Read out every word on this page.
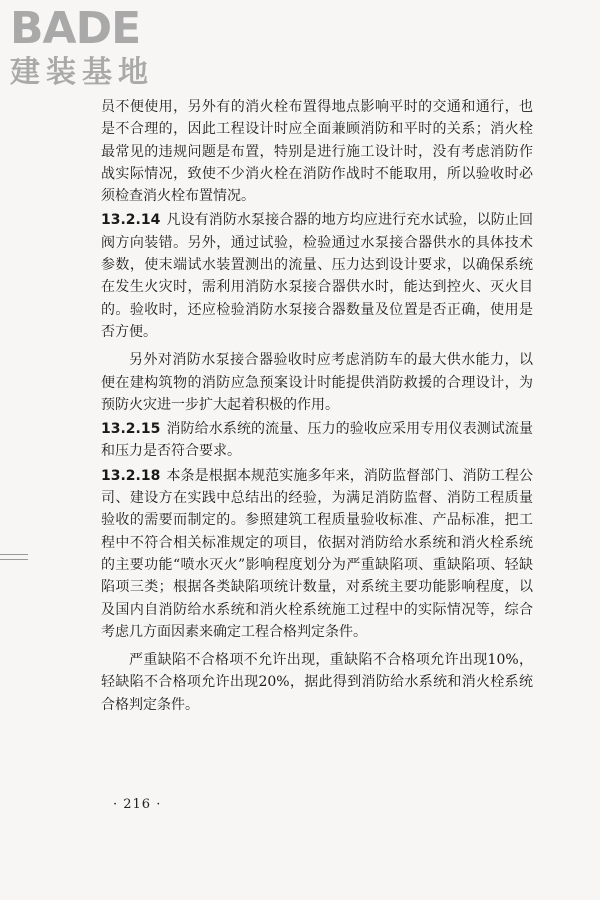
BADE
建装基地

员不便使用，另外有的消火栓布置得地点影响平时的交通和通行，也是不合理的，因此工程设计时应全面兼顾消防和平时的关系；消火栓最常见的违规问题是布置，特别是进行施工设计时，没有考虑消防作战实际情况，致使不少消火栓在消防作战时不能取用，所以验收时必须检查消火栓布置情况。

13.2.14 凡设有消防水泵接合器的地方均应进行充水试验，以防止回阀方向装错。另外，通过试验，检验通过水泵接合器供水的具体技术参数，使末端试水装置测出的流量、压力达到设计要求，以确保系统在发生火灾时，需利用消防水泵接合器供水时，能达到控火、灭火目的。验收时，还应检验消防水泵接合器数量及位置是否正确，使用是否方便。

另外对消防水泵接合器验收时应考虑消防车的最大供水能力，以便在建构筑物的消防应急预案设计时能提供消防救援的合理设计，为预防火灾进一步扩大起着积极的作用。

13.2.15 消防给水系统的流量、压力的验收应采用专用仪表测试流量和压力是否符合要求。

13.2.18 本条是根据本规范实施多年来，消防监督部门、消防工程公司、建设方在实践中总结出的经验，为满足消防监督、消防工程质量验收的需要而制定的。参照建筑工程质量验收标准、产品标准，把工程中不符合相关标准规定的项目，依据对消防给水系统和消火栓系统的主要功能“喷水灭火”影响程度划分为严重缺陷项、重缺陷项、轻缺陷项三类；根据各类缺陷项统计数量，对系统主要功能影响程度，以及国内自消防给水系统和消火栓系统施工过程中的实际情况等，综合考虑几方面因素来确定工程合格判定条件。

严重缺陷不合格项不允许出现，重缺陷不合格项允许出现10%，轻缺陷不合格项允许出现20%，据此得到消防给水系统和消火栓系统合格判定条件。

· 216 ·
